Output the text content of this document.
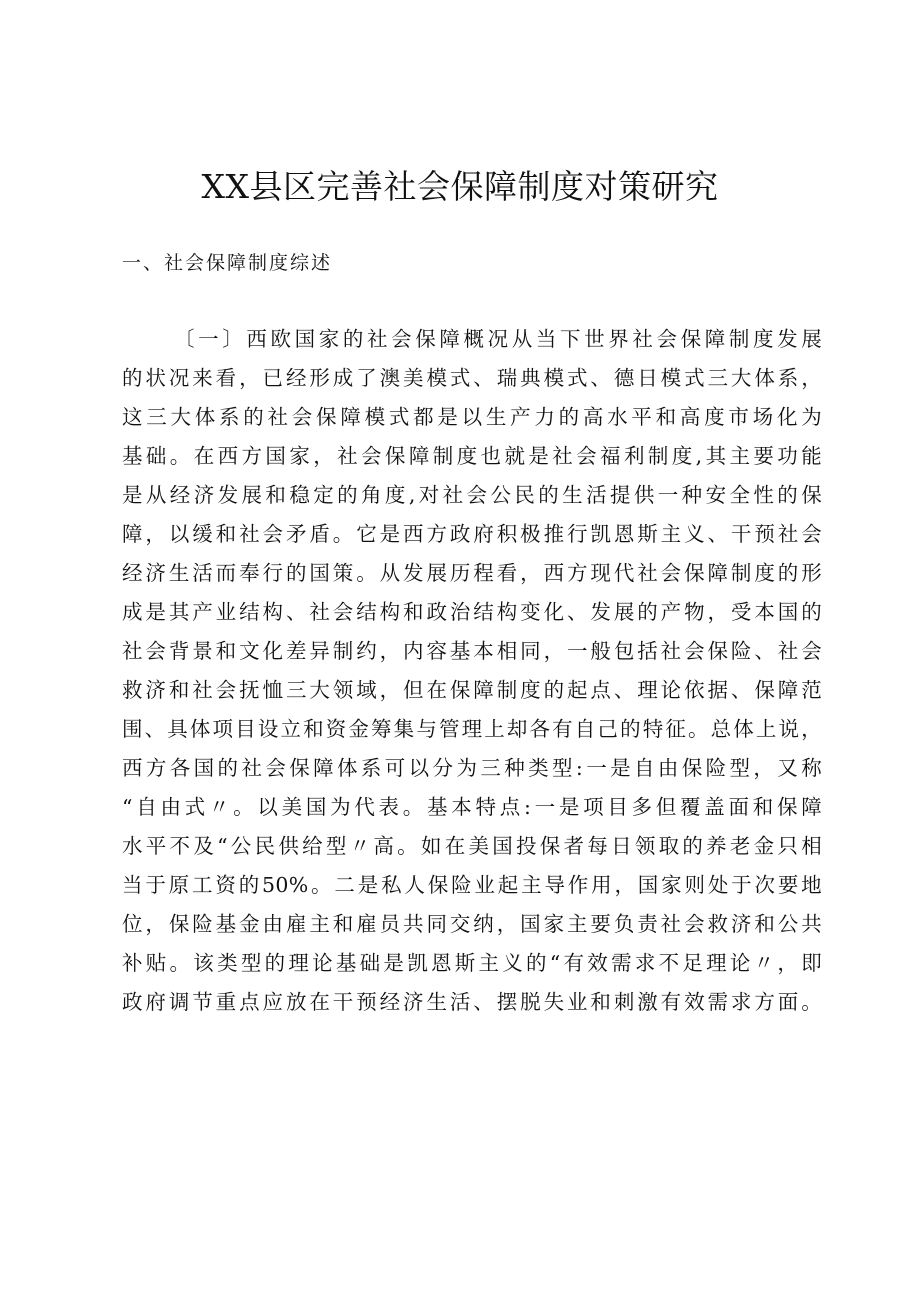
XX县区完善社会保障制度对策研究
一、社会保障制度综述
〔一〕西欧国家的社会保障概况从当下世界社会保障制度发展
的状况来看，已经形成了澳美模式、瑞典模式、德日模式三大体系，
这三大体系的社会保障模式都是以生产力的高水平和高度市场化为
基础。在西方国家，社会保障制度也就是社会福利制度,其主要功能
是从经济发展和稳定的角度,对社会公民的生活提供一种安全性的保
障，以缓和社会矛盾。它是西方政府积极推行凯恩斯主义、干预社会
经济生活而奉行的国策。从发展历程看，西方现代社会保障制度的形
成是其产业结构、社会结构和政治结构变化、发展的产物，受本国的
社会背景和文化差异制约，内容基本相同，一般包括社会保险、社会
救济和社会抚恤三大领域，但在保障制度的起点、理论依据、保障范
围、具体项目设立和资金筹集与管理上却各有自己的特征。总体上说，
西方各国的社会保障体系可以分为三种类型:一是自由保险型，又称
“自由式〃。以美国为代表。基本特点:一是项目多但覆盖面和保障
水平不及“公民供给型〃高。如在美国投保者每日领取的养老金只相
当于原工资的50%。二是私人保险业起主导作用，国家则处于次要地
位，保险基金由雇主和雇员共同交纳，国家主要负责社会救济和公共
补贴。该类型的理论基础是凯恩斯主义的“有效需求不足理论〃，即
政府调节重点应放在干预经济生活、摆脱失业和刺激有效需求方面。
